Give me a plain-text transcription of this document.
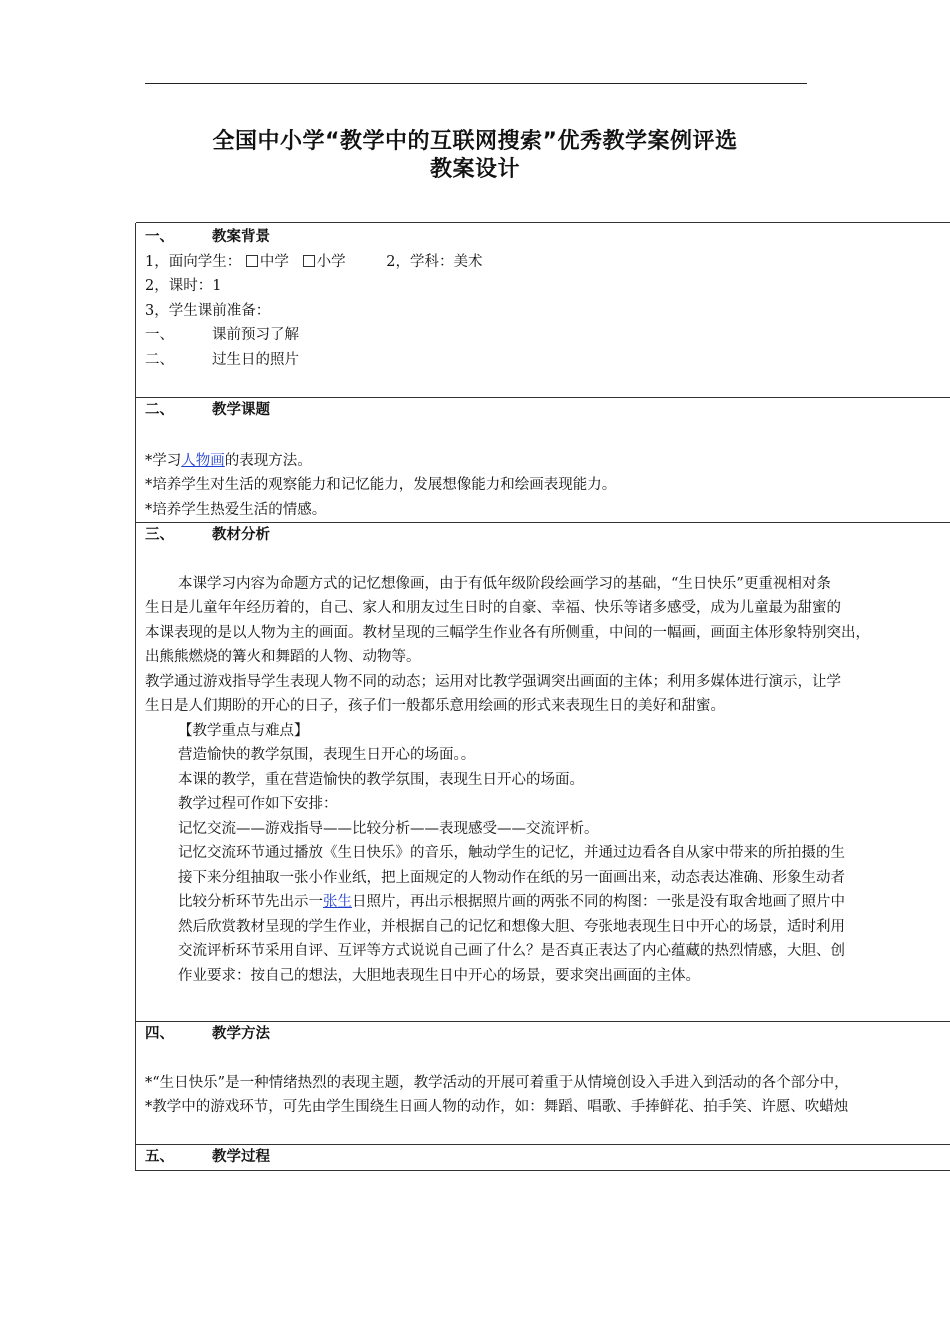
全国中小学“教学中的互联网搜索”优秀教学案例评选
教案设计
一、	教案背景
1，面向学生： 中学 小学	2，学科：美术
2，课时：1
3，学生课前准备：
一、	课前预习了解
二、	过生日的照片
二、	教学课题
*学习人物画的表现方法。
*培养学生对生活的观察能力和记忆能力，发展想像能力和绘画表现能力。
*培养学生热爱生活的情感。
三、	教材分析
本课学习内容为命题方式的记忆想像画，由于有低年级阶段绘画学习的基础，“生日快乐”更重视相对条
生日是儿童年年经历着的，自己、家人和朋友过生日时的自豪、幸福、快乐等诸多感受，成为儿童最为甜蜜的
本课表现的是以人物为主的画面。教材呈现的三幅学生作业各有所侧重，中间的一幅画，画面主体形象特别突出，
出熊熊燃烧的篝火和舞蹈的人物、动物等。
教学通过游戏指导学生表现人物不同的动态；运用对比教学强调突出画面的主体；利用多媒体进行演示，让学
生日是人们期盼的开心的日子，孩子们一般都乐意用绘画的形式来表现生日的美好和甜蜜。
【教学重点与难点】
营造愉快的教学氛围，表现生日开心的场面。。
本课的教学，重在营造愉快的教学氛围，表现生日开心的场面。
教学过程可作如下安排：
记忆交流——游戏指导——比较分析——表现感受——交流评析。
记忆交流环节通过播放《生日快乐》的音乐，触动学生的记忆，并通过边看各自从家中带来的所拍摄的生
接下来分组抽取一张小作业纸，把上面规定的人物动作在纸的另一面画出来，动态表达准确、形象生动者
比较分析环节先出示一张生日照片，再出示根据照片画的两张不同的构图：一张是没有取舍地画了照片中
然后欣赏教材呈现的学生作业，并根据自己的记忆和想像大胆、夸张地表现生日中开心的场景，适时利用
交流评析环节采用自评、互评等方式说说自己画了什么？是否真正表达了内心蕴藏的热烈情感，大胆、创
作业要求：按自己的想法，大胆地表现生日中开心的场景，要求突出画面的主体。
四、	教学方法
*“生日快乐”是一种情绪热烈的表现主题，教学活动的开展可着重于从情境创设入手进入到活动的各个部分中，
*教学中的游戏环节，可先由学生围绕生日画人物的动作，如：舞蹈、唱歌、手捧鲜花、拍手笑、许愿、吹蜡烛
五、	教学过程
